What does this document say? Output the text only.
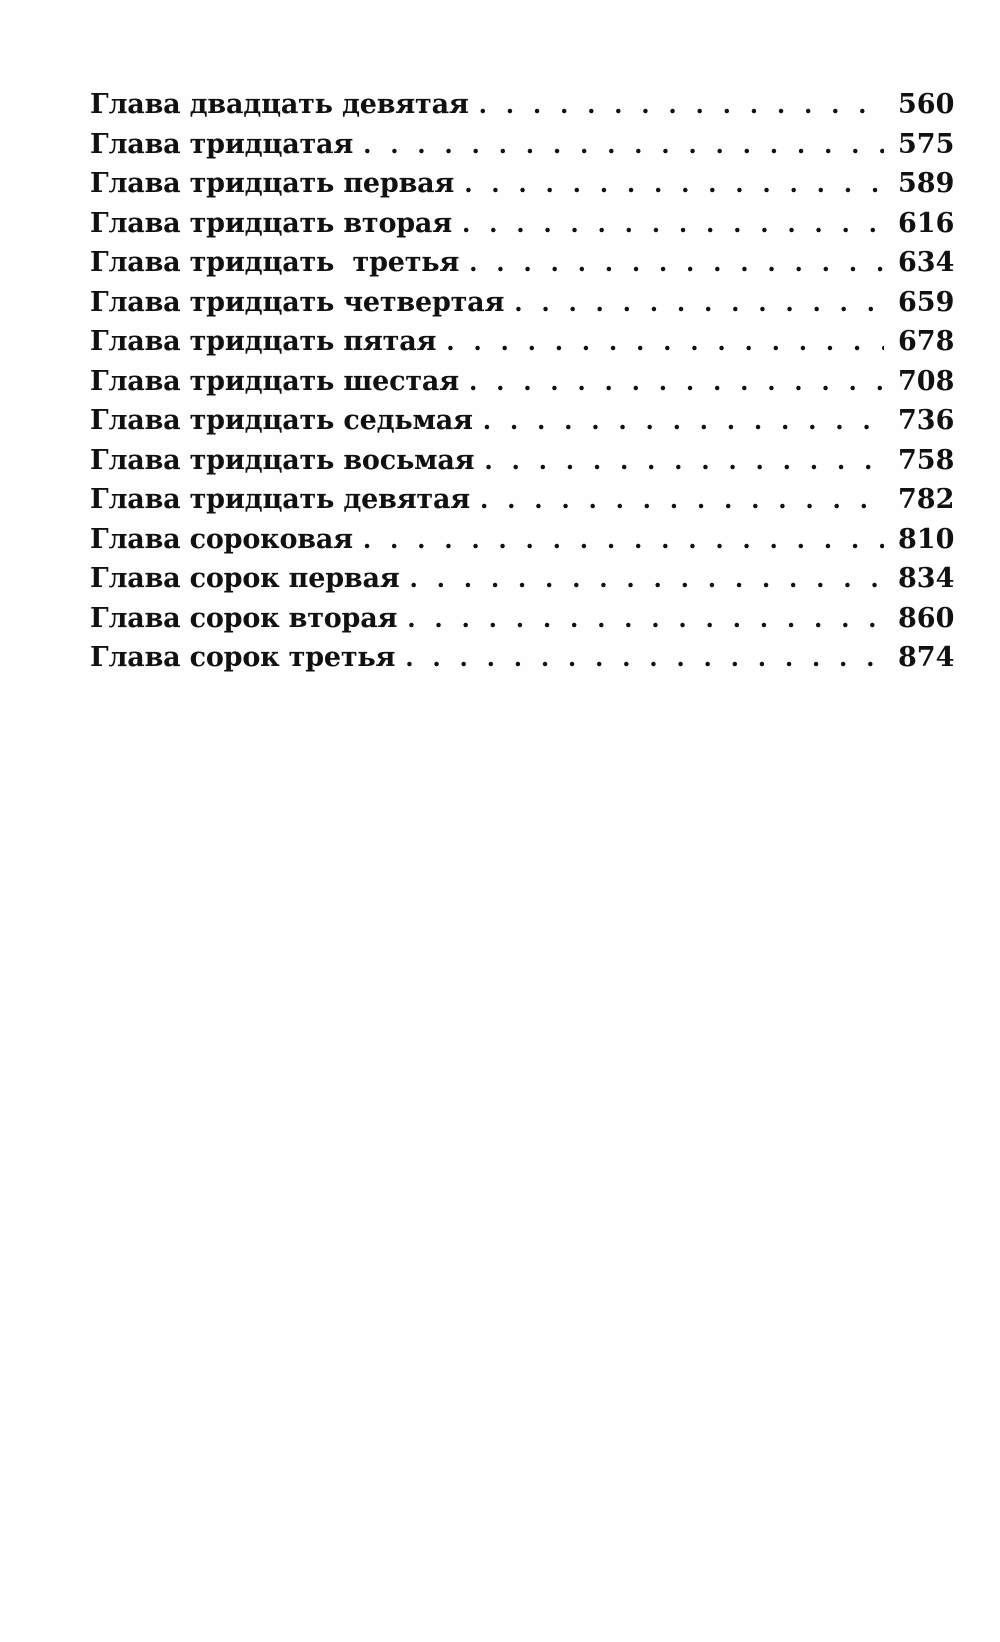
Глава двадцать девятая . . .	560
Глава тридцатая . . .	575
Глава тридцать первая . . .	589
Глава тридцать вторая . . .	616
Глава тридцать  третья . . .	634
Глава тридцать четвертая . . .	659
Глава тридцать пятая . . .	678
Глава тридцать шестая . . .	708
Глава тридцать седьмая . . .	736
Глава тридцать восьмая . . .	758
Глава тридцать девятая . . .	782
Глава сороковая . . .	810
Глава сорок первая . . .	834
Глава сорок вторая . . .	860
Глава сорок третья . . .	874
